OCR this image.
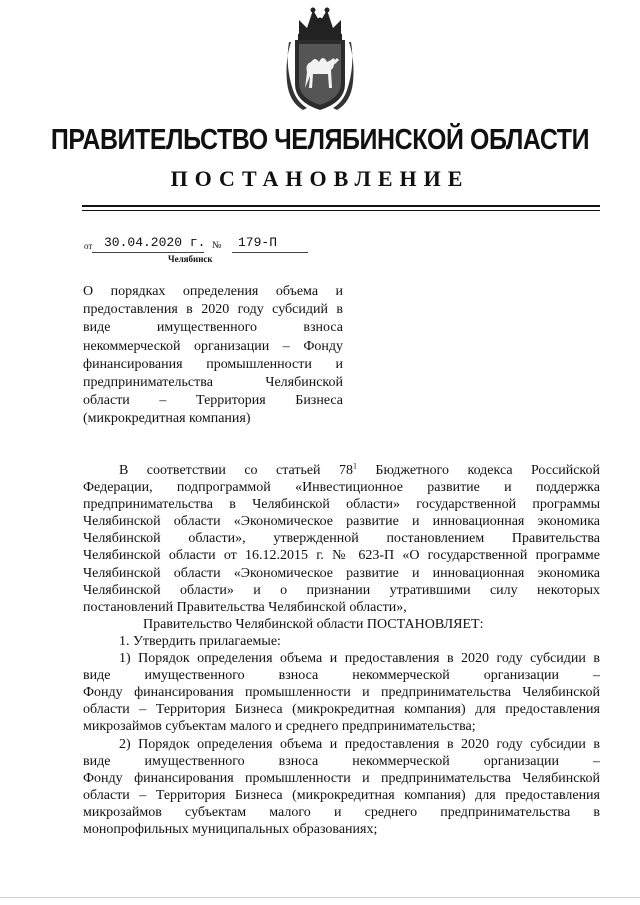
ПРАВИТЕЛЬСТВО ЧЕЛЯБИНСКОЙ ОБЛАСТИ
ПОСТАНОВЛЕНИЕ
от 30.04.2020 г. № 179-П
Челябинск
О порядках определения объема и
предоставления в 2020 году субсидий в
виде имущественного взноса
некоммерческой организации – Фонду
финансирования промышленности и
предпринимательства Челябинской
области – Территория Бизнеса
(микрокредитная компания)
В соответствии со статьей $78^1$ Бюджетного кодекса Российской
Федерации, подпрограммой «Инвестиционное развитие и поддержка
предпринимательства в Челябинской области» государственной программы
Челябинской области «Экономическое развитие и инновационная экономика
Челябинской области», утвержденной постановлением Правительства
Челябинской области от 16.12.2015 г. № 623-П «О государственной программе
Челябинской области «Экономическое развитие и инновационная экономика
Челябинской области» и о признании утратившими силу некоторых
постановлений Правительства Челябинской области»,
Правительство Челябинской области ПОСТАНОВЛЯЕТ:
1. Утвердить прилагаемые:
1) Порядок определения объема и предоставления в 2020 году субсидии в
виде имущественного взноса некоммерческой организации –
Фонду финансирования промышленности и предпринимательства Челябинской
области – Территория Бизнеса (микрокредитная компания) для предоставления
микрозаймов субъектам малого и среднего предпринимательства;
2) Порядок определения объема и предоставления в 2020 году субсидии в
виде имущественного взноса некоммерческой организации –
Фонду финансирования промышленности и предпринимательства Челябинской
области – Территория Бизнеса (микрокредитная компания) для предоставления
микрозаймов субъектам малого и среднего предпринимательства в
монопрофильных муниципальных образованиях;
